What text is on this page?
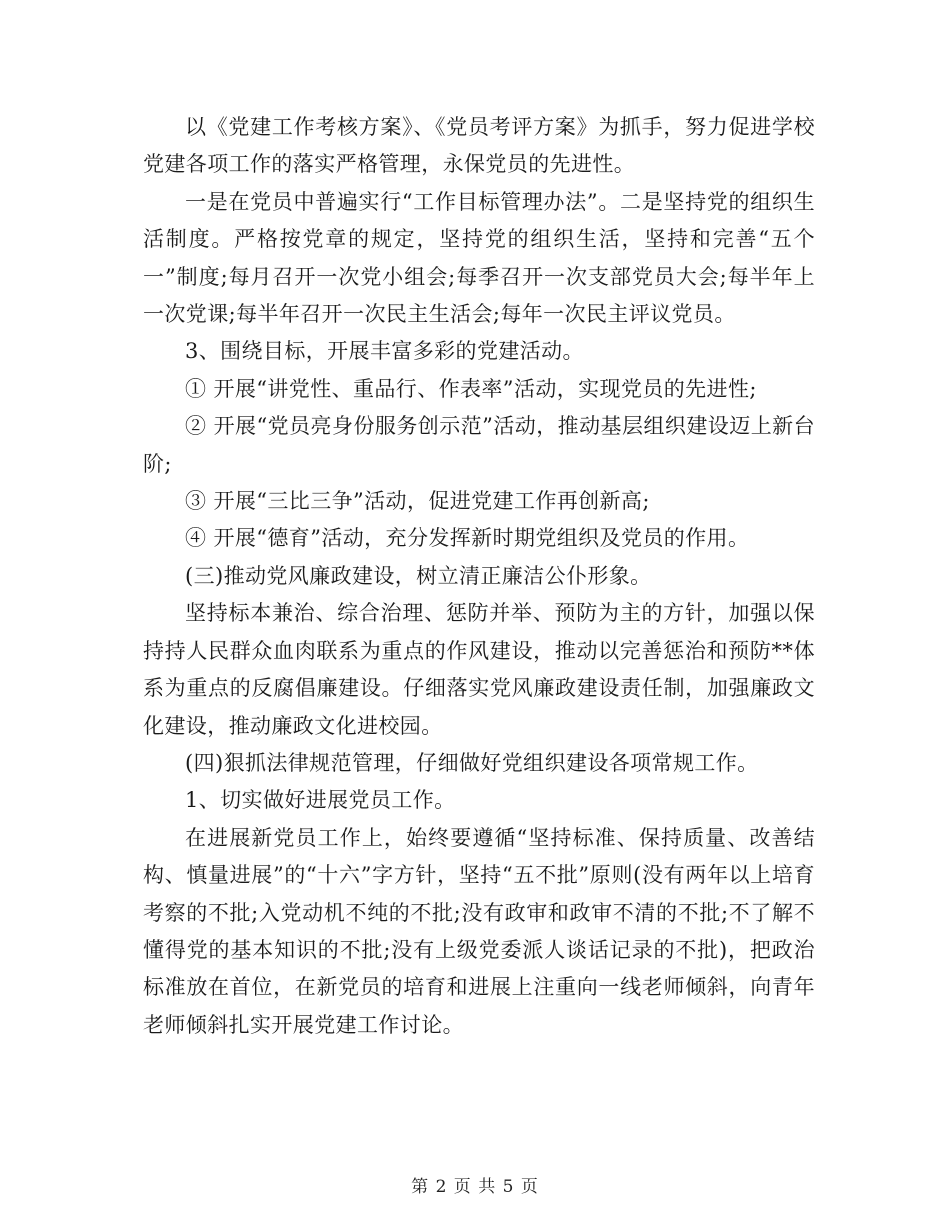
以《党建工作考核方案》、《党员考评方案》为抓手，努力促进学校党建各项工作的落实严格管理，永保党员的先进性。

一是在党员中普遍实行“工作目标管理办法”。二是坚持党的组织生活制度。严格按党章的规定，坚持党的组织生活，坚持和完善“五个一”制度;每月召开一次党小组会;每季召开一次支部党员大会;每半年上一次党课;每半年召开一次民主生活会;每年一次民主评议党员。

3、围绕目标，开展丰富多彩的党建活动。

① 开展“讲党性、重品行、作表率”活动，实现党员的先进性;

② 开展“党员亮身份服务创示范”活动，推动基层组织建设迈上新台阶;

③ 开展“三比三争”活动，促进党建工作再创新高;

④ 开展“德育”活动，充分发挥新时期党组织及党员的作用。

(三)推动党风廉政建设，树立清正廉洁公仆形象。

坚持标本兼治、综合治理、惩防并举、预防为主的方针，加强以保持持人民群众血肉联系为重点的作风建设，推动以完善惩治和预防**体系为重点的反腐倡廉建设。仔细落实党风廉政建设责任制，加强廉政文化建设，推动廉政文化进校园。

(四)狠抓法律规范管理，仔细做好党组织建设各项常规工作。

1、切实做好进展党员工作。

在进展新党员工作上，始终要遵循“坚持标准、保持质量、改善结构、慎量进展”的“十六”字方针，坚持“五不批”原则(没有两年以上培育考察的不批;入党动机不纯的不批;没有政审和政审不清的不批;不了解不懂得党的基本知识的不批;没有上级党委派人谈话记录的不批)，把政治标准放在首位，在新党员的培育和进展上注重向一线老师倾斜，向青年老师倾斜扎实开展党建工作讨论。

第 2 页 共 5 页
